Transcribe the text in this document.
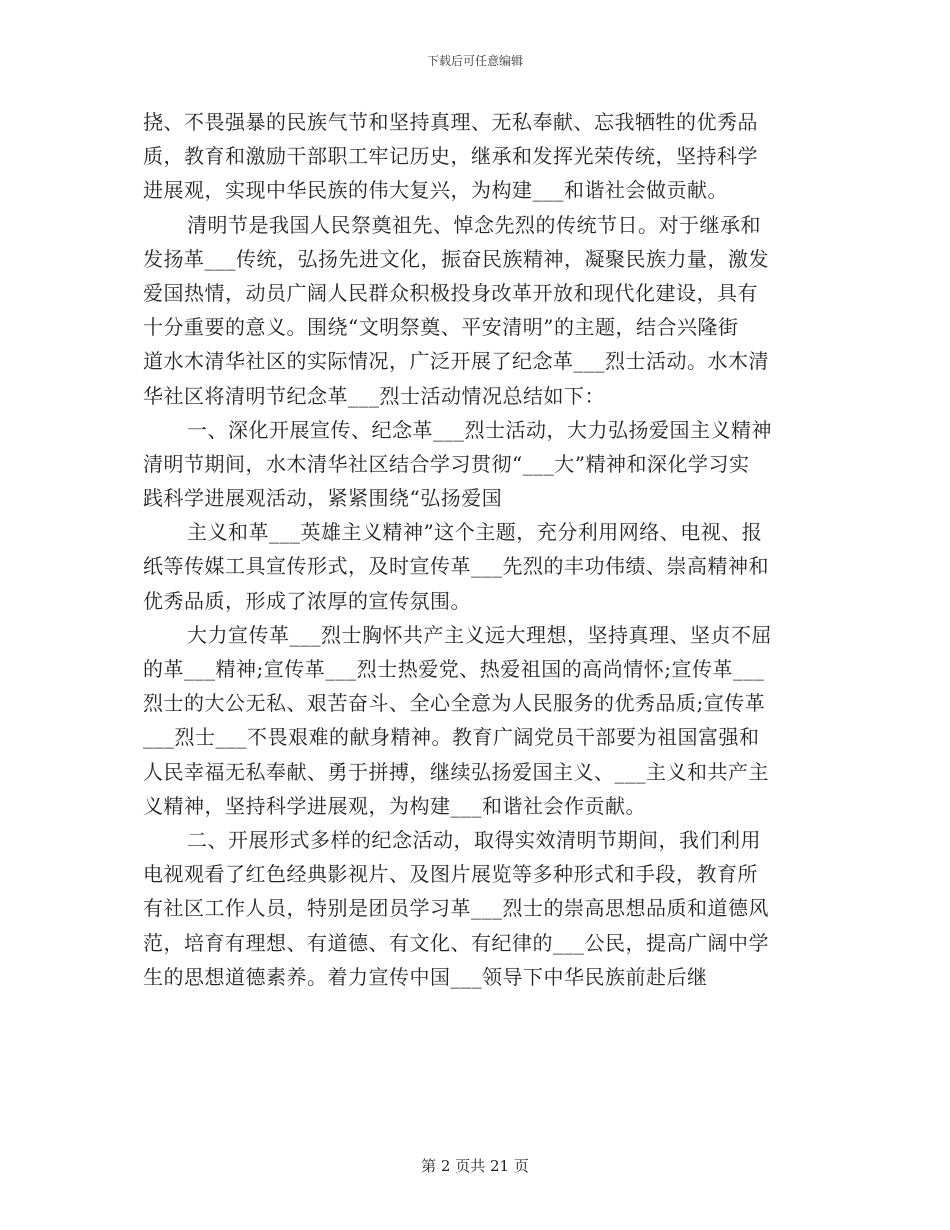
下载后可任意编辑
挠、不畏强暴的民族气节和坚持真理、无私奉献、忘我牺牲的优秀品
质，教育和激励干部职工牢记历史，继承和发挥光荣传统，坚持科学
进展观，实现中华民族的伟大复兴，为构建___和谐社会做贡献。
清明节是我国人民祭奠祖先、悼念先烈的传统节日。对于继承和
发扬革___传统，弘扬先进文化，振奋民族精神，凝聚民族力量，激发
爱国热情，动员广阔人民群众积极投身改革开放和现代化建设，具有
十分重要的意义。围绕“文明祭奠、平安清明”的主题，结合兴隆街
道水木清华社区的实际情况，广泛开展了纪念革___烈士活动。水木清
华社区将清明节纪念革___烈士活动情况总结如下：
一、深化开展宣传、纪念革___烈士活动，大力弘扬爱国主义精神
清明节期间，水木清华社区结合学习贯彻“___大”精神和深化学习实
践科学进展观活动，紧紧围绕“弘扬爱国
主义和革___英雄主义精神”这个主题，充分利用网络、电视、报
纸等传媒工具宣传形式，及时宣传革___先烈的丰功伟绩、崇高精神和
优秀品质，形成了浓厚的宣传氛围。
大力宣传革___烈士胸怀共产主义远大理想，坚持真理、坚贞不屈
的革___精神;宣传革___烈士热爱党、热爱祖国的高尚情怀;宣传革___
烈士的大公无私、艰苦奋斗、全心全意为人民服务的优秀品质;宣传革
___烈士___不畏艰难的献身精神。教育广阔党员干部要为祖国富强和
人民幸福无私奉献、勇于拼搏，继续弘扬爱国主义、___主义和共产主
义精神，坚持科学进展观，为构建___和谐社会作贡献。
二、开展形式多样的纪念活动，取得实效清明节期间，我们利用
电视观看了红色经典影视片、及图片展览等多种形式和手段，教育所
有社区工作人员，特别是团员学习革___烈士的崇高思想品质和道德风
范，培育有理想、有道德、有文化、有纪律的___公民，提高广阔中学
生的思想道德素养。着力宣传中国___领导下中华民族前赴后继
第 2 页共 21 页
